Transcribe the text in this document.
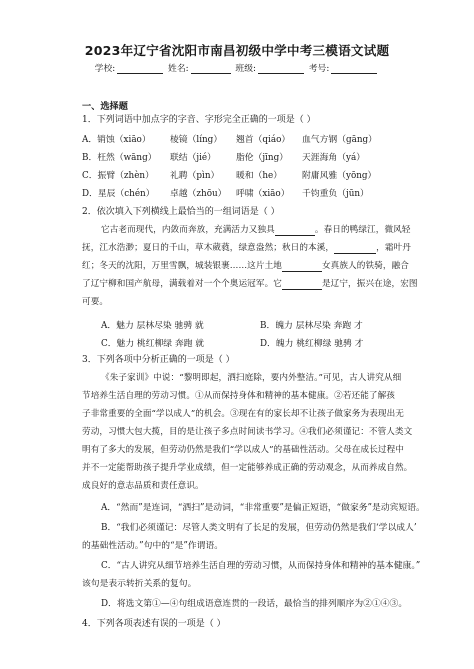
2023年辽宁省沈阳市南昌初级中学中考三模语文试题
学校:	姓名:	班级:	考号:
一、选择题
1．下列词语中加点字的字音、字形完全正确的一项是（ ）
A．销蚀（xiāo） 棱镜（líng） 翘首（qiáo） 血气方钢（gāng）
B．枉然（wāng） 联结（jié） 脂伦（jīng） 天涯海角（yá）
C．振臂（zhèn） 礼聘（pìn） 暖和（he） 附庸风雅（yōng）
D．星辰（chén） 卓越（zhōu） 呼啸（xiāo） 千钧重负（jūn）
2．依次填入下列横线上最恰当的一组词语是（ ）
它古老而现代，内敛而奔放，充满活力又独具	。春日的鸭绿江，微风轻
抚，江水浩渺；夏日的千山，草木葳蕤，绿意盎然；秋日的本溪，	，霜叶丹
红；冬天的沈阳，万里雪飘，城装银裹……这片土地	女真族人的铁骑，融合
了辽宁柳和国产航母，满载着对一个个奥运冠军。它	是辽宁，振兴在途，宏图
可要。
A．魅力 层林尽染 驰骋 就	B．魄力 层林尽染 奔跑 才
C．魅力 桃红柳绿 奔跑 就	D．魄力 桃红柳绿 驰骋 才
3．下列各项中分析正确的一项是（ ）
《朱子家训》中说：“黎明即起，洒扫庭除，要内外整洁。”可见，古人讲究从细
节培养生活自理的劳动习惯。①从而保持身体和精神的基本健康。②若还能了解孩
子非常重要的全面“学以成人”的机会。③现在有的家长却不让孩子做家务为表现出无
劳动，习惯大包大揽，目的是让孩子多点时间读书学习。④我们必须谨记：不管人类文
明有了多大的发展，但劳动仍然是我们“学以成人”的基础性活动。父母在成长过程中
并不一定能帮助孩子提升学业成绩，但一定能够养成正确的劳动观念，从而养成自然。
成良好的意志品质和责任意识。
A．“然而”是连词，“洒扫”是动词，“非常重要”是偏正短语，“做家务”是动宾短语。
B．“我们必须谨记：尽管人类文明有了长足的发展，但劳动仍然是我们‘学以成人’
的基础性活动。”句中的“是”作谓语。
C．“古人讲究从细节培养生活自理的劳动习惯，从而保持身体和精神的基本健康。”
该句是表示转折关系的复句。
D．将选文第①—④句组成语意连贯的一段话，最恰当的排列顺序为②①④③。
4．下列各项表述有误的一项是（ ）
